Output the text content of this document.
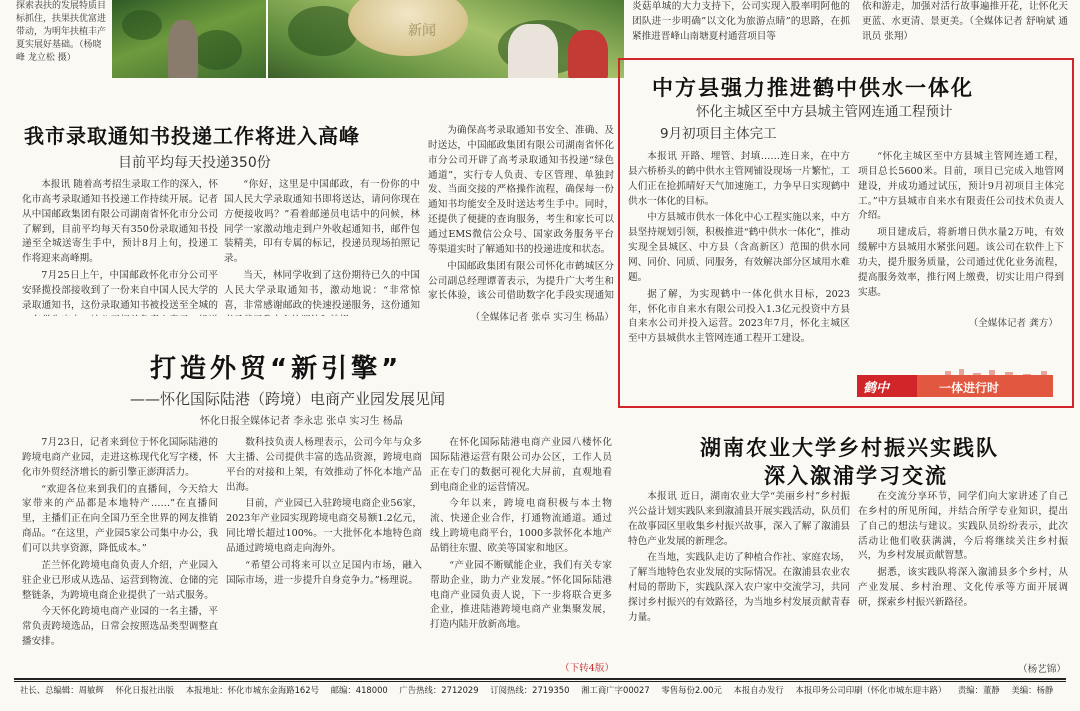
探索表扶的发展特质目标抓住，扶果扶优富进带动，为明年扶植丰产夏实展好基础。（杨晓峰 龙立松 摄）

新闻

炎菇单城的大力支持下，公司实现入股率明阿他的团队进一步明确”以文化为旅游点睛”的思路，在抓紧推进晋峰山南塘夏村通营项目等

依和游走，加强对活行故事遍推开花，让怀化天更蓝、水更清、景更美。（全媒体记者 舒响斌 通讯员 张翔）

我市录取通知书投递工作将进入高峰
目前平均每天投递350份

本报讯 随着高考招生录取工作的深入，怀化市高考录取通知书投递工作持续开展。记者从中国邮政集团有限公司湖南省怀化市分公司了解到，目前平均每天有350份录取通知书投递至全城送寄生手中，预计8月上旬，投递工作将迎来高峰期。

7月25日上午，中国邮政怀化市分公司平安驿揽投部接收到了一份来自中国人民大学的录取通知书，这份录取通知书被投送至全城的

“你好，这里是中国邮政，有一份你的中国人民大学录取通知书即将送达，请问你现在方便接收吗？”看着邮递员电话中的问候，林同学一家激动地走到户外收起通知书，邮件包装精美，印有专属的标记，投递员现场拍照记录。

当天，林同学收到了这份期待已久的中国人民大学录取通知书，激动地说：“非常惊喜，非常感谢邮政的快速投递服务，这份通知

为确保高考录取通知书安全、准确、及时送达，中国邮政集团有限公司湖南省怀化市分公司开辟了高考录取通知书投递“绿色通道”，实行专人负责、专区管理、单独封发、当面交接的严格操作流程，确保每一份通知书均能安全及时送达考生手中。同时，还提供了便捷的查询服务，考生和家长可以通过EMS微信公众号、国家政务服务平台等渠道实时了解通知书的投递进度和状态。

中国邮政集团有限公司怀化市鹤城区分公司副总经理谭菁表示，为提升广大考生和家长体验，该公司借助数字化手段实现通知

（全媒体记者 张卓 实习生 杨晶）
打造外贸“新引擎”
——怀化国际陆港（跨境）电商产业园发展见闻
怀化日报全媒体记者 李永忠 张卓 实习生 杨晶

7月23日，记者来到位于怀化国际陆港的跨境电商产业园，走进这栋现代化写字楼，怀化市外贸经济增长的新引擎正澎湃活力。

“欢迎各位来到我们的直播间，今天给大家带来的产品都是本地特产……”在直播间里，主播们正在向全国乃至全世界的网友推销商品。“在这里，产业园5家公司集中办公，我们可以共享资源，降低成本。”

芷兰怀化跨境电商负责人介绍，产业园入驻企业已形成从选品、运营到物流、仓储的完整链条，为跨境电商企业提供了一站式服务。

今天怀化跨境电商产业园的一名主播，平常负责跨境选品，日常会按照选品类型调整直播安排。

数科技负责人杨理表示，公司今年与众多大主播、公司提供丰富的选品资源，跨境电商平台的对接和上架，有效推动了怀化本地产品出海。

目前，产业园已入驻跨境电商企业56家，2023年产业园实现跨境电商交易额1.2亿元，同比增长超过100%。一大批怀化本地特色商品通过跨境电商走向海外。

“希望公司将来可以立足国内市场，融入国际市场，进一步提升自身竞争力。”杨理说。

在怀化国际陆港电商产业园八楼怀化国际陆港运营有限公司办公区，工作人员正在专门的数据可视化大屏前，直观地看到电商企业的运营情况。

今年以来，跨境电商积极与本土物流、快递企业合作，打通物流通道。通过线上跨境电商平台，1000多款怀化本地产品销往东盟、欧美等国家和地区。

“产业园不断赋能企业，我们有关专家帮助企业，助力产业发展。”怀化国际陆港电商产业园负责人说，下一步将联合更多企业，推进陆港跨境电商产业集聚发展，打造内陆开放新高地。

（下转4版）
中方县强力推进鹤中供水一体化
怀化主城区至中方县城主管网连通工程预计
9月初项目主体完工

本报讯 开路、埋管、封填……连日来，在中方县六桥桥头的鹤中供水主管网铺设现场一片繁忙，工人们正在抢抓晴好天气加速施工，力争早日实现鹤中供水一体化的目标。

中方县城市供水一体化中心工程实施以来，中方县坚持规划引领，积极推进“鹤中供水一体化”，推动实现全县城区、中方县（含高新区）范围的供水同网、同价、同质、同服务，有效解决部分区域用水难题。

据了解，为实现鹤中一体化供水目标，2023年，怀化市自来水有限公司投入1.3亿元投资中方县自来水公司并投入运营。2023年7月，怀化主城区至中方县城供水主管网连通工程开工建设。

“怀化主城区至中方县城主管网连通工程，项目总长5600米。目前，项目已完成入地管网建设，并成功通过试压，预计9月初项目主体完工。”中方县城市自来水有限责任公司技术负责人介绍。

项目建成后，将新增日供水量2万吨，有效缓解中方县城用水紧张问题。该公司在软件上下功夫，提升服务质量，公司通过优化业务流程，提高服务效率，推行网上缴费，切实让用户得到实惠。

（全媒体记者 龚方）
鹤中	一体进行时
湖南农业大学乡村振兴实践队
深入溆浦学习交流

本报讯 近日，湖南农业大学“美丽乡村”乡村振兴公益计划实践队来到溆浦县开展实践活动，队员们在故事园区里收集乡村振兴故事，深入了解了溆浦县特色产业发展的新理念。

在当地，实践队走访了种植合作社、家庭农场，了解当地特色农业发展的实际情况。在溆浦县农业农村局的帮助下，实践队深入农户家中交流学习，共同探讨乡村振兴的有效路径，为当地乡村发展贡献青春力量。

在交流分享环节，同学们向大家讲述了自己在乡村的所见所闻，并结合所学专业知识，提出了自己的想法与建议。实践队员纷纷表示，此次活动让他们收获满满，今后将继续关注乡村振兴，为乡村发展贡献智慧。

据悉，该实践队将深入溆浦县多个乡村，从产业发展、乡村治理、文化传承等方面开展调研，探索乡村振兴新路径。

（杨艺锦）
社长、总编辑：周敏辉 怀化日报社出版 本报地址：怀化市城东金海路162号 邮编：418000 广告热线：2712029 订阅热线：2719350 湘工商广字00027 零售每份2.00元 本报自办发行 本报印务公司印刷（怀化市城东迎丰路） 责编：董静 美编：杨静
